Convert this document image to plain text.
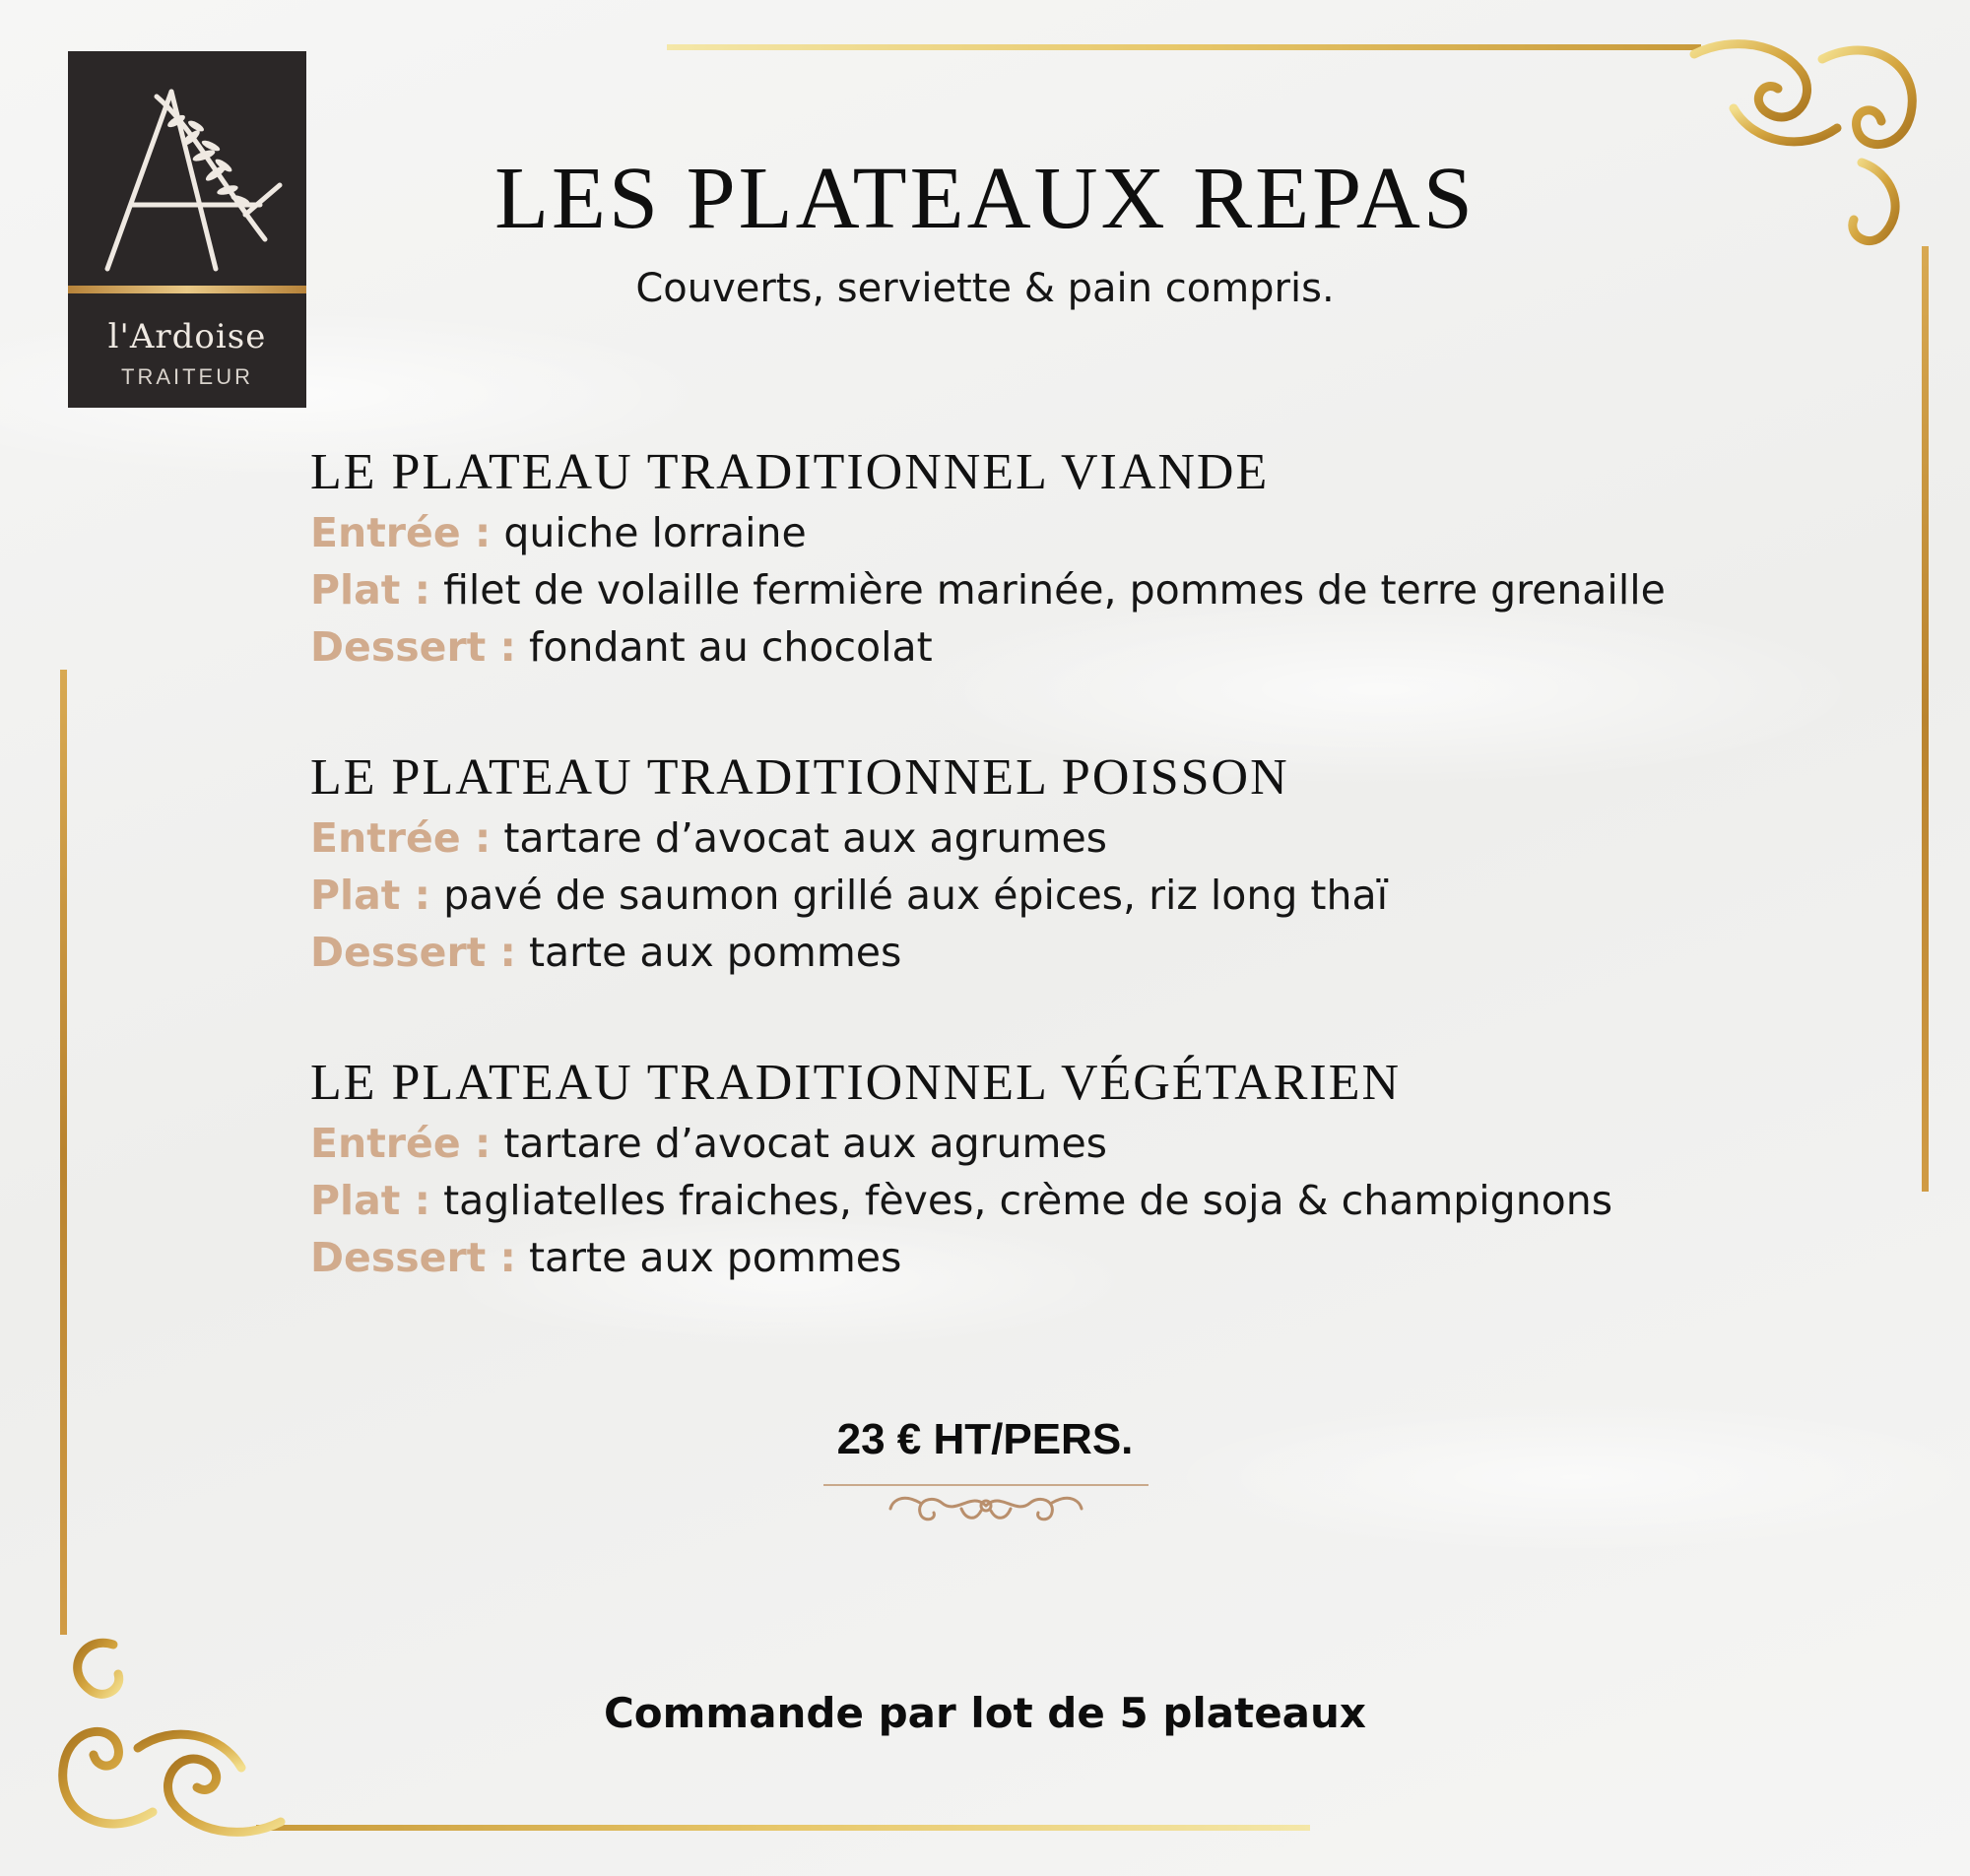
l'Ardoise
TRAITEUR
LES PLATEAUX REPAS
Couverts, serviette & pain compris.
LE PLATEAU TRADITIONNEL VIANDE
Entrée : quiche lorraine
Plat : filet de volaille fermière marinée, pommes de terre grenaille
Dessert : fondant au chocolat
LE PLATEAU TRADITIONNEL POISSON
Entrée : tartare d’avocat aux agrumes
Plat : pavé de saumon grillé aux épices, riz long thaï
Dessert : tarte aux pommes
LE PLATEAU TRADITIONNEL VÉGÉTARIEN
Entrée : tartare d’avocat aux agrumes
Plat : tagliatelles fraiches, fèves, crème de soja & champignons
Dessert : tarte aux pommes
23 € HT/PERS.
Commande par lot de 5 plateaux
